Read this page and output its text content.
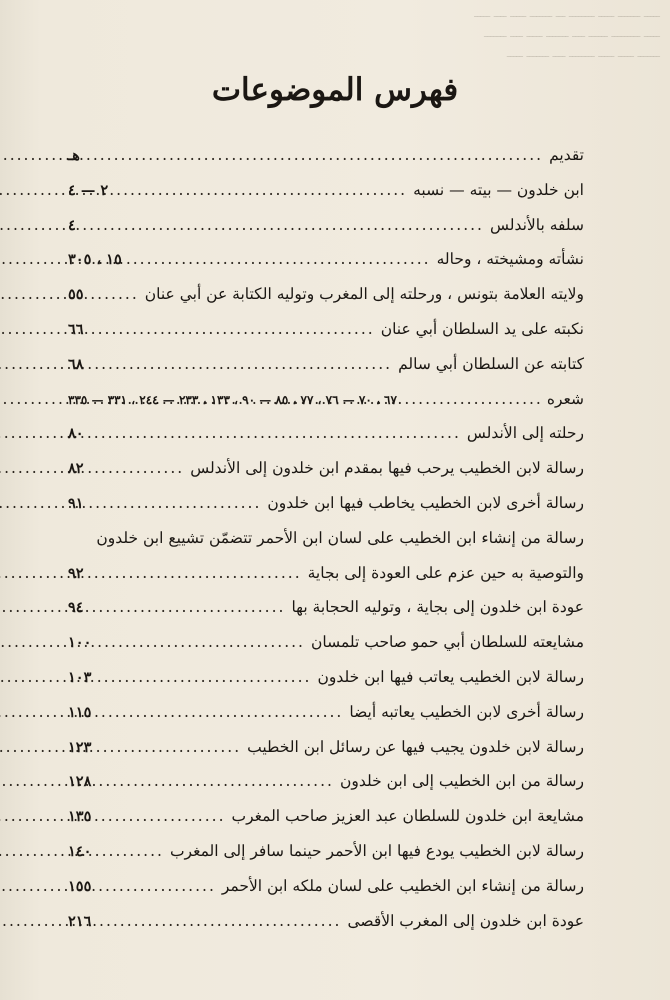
ـــــ ـــــــ ـــــ ــــــــ ـــ ـــــــ ـــــ ــــ ـــــ
ـــــ ـــــــــ ــــــ ــــ ـــــــ ـــــ ــــ ـــــــ
ـــــــ ـــــ ـــــ ــــــــ ــــ ـــــــ ـــــ
فهرس الموضوعات
تقديم
.....
هـ
ابن خلدون — بيته — نسبه
.....
٢ — ٤
سلفه بالأندلس
.....
٤
نشأته ومشيخته ، وحاله
.....
١٥ ، ٣٠٥
ولايته العلامة بتونس ، ورحلته إلى المغرب وتوليه الكتابة عن أبي عنان
.....
٥٥
نكبته على يد السلطان أبي عنان
.....
٦٦
كتابته عن السلطان أبي سالم
.....
٦٨
شعره
.....
٦٧ ، ٧٠ — ٧٦ ، ٧٧ ، ٨٥ — ٩٠ ، ١٣٣ ، ٢٣٣ — ٢٤٤ ، ٣٣١ — ٣٣٥
رحلته إلى الأندلس
.....
٨٠
رسالة لابن الخطيب يرحب فيها بمقدم ابن خلدون إلى الأندلس
.....
٨٢
رسالة أخرى لابن الخطيب يخاطب فيها ابن خلدون
.....
٩١
رسالة من إنشاء ابن الخطيب على لسان ابن الأحمر تتضمّن تشييع ابن خلدون
والتوصية به حين عزم على العودة إلى بجاية
.....
٩٢
عودة ابن خلدون إلى بجاية ، وتوليه الحجابة بها
.....
٩٤
مشايعته للسلطان أبي حمو صاحب تلمسان
.....
١٠٠
رسالة لابن الخطيب يعاتب فيها ابن خلدون
.....
١٠٣
رسالة أخرى لابن الخطيب يعاتبه أيضا
.....
١١٥
رسالة لابن خلدون يجيب فيها عن رسائل ابن الخطيب
.....
١٢٣
رسالة من ابن الخطيب إلى ابن خلدون
.....
١٢٨
مشايعة ابن خلدون للسلطان عبد العزيز صاحب المغرب
.....
١٣٥
رسالة لابن الخطيب يودع فيها ابن الأحمر حينما سافر إلى المغرب
.....
١٤٠
رسالة من إنشاء ابن الخطيب على لسان ملكه ابن الأحمر
.....
١٥٥
عودة ابن خلدون إلى المغرب الأقصى
.....
٢١٦
